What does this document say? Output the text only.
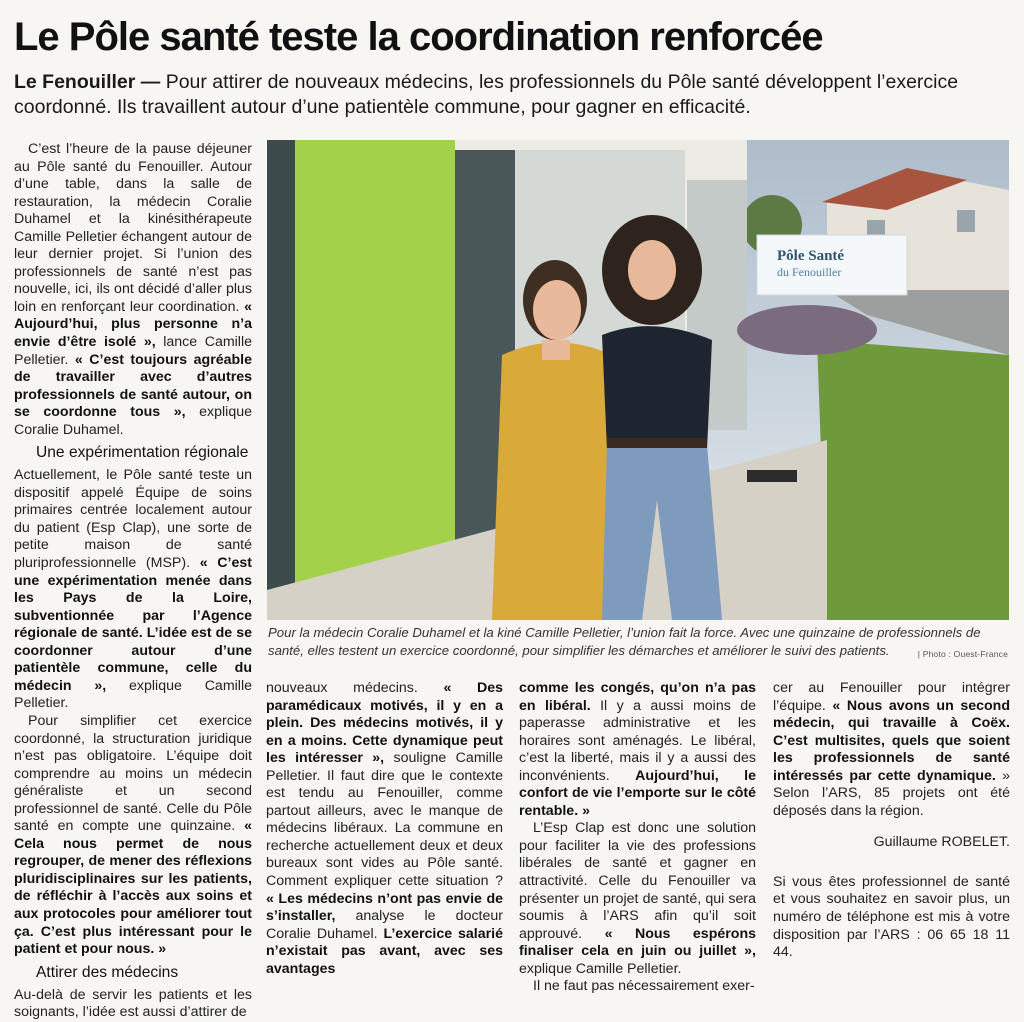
Le Pôle santé teste la coordination renforcée

Le Fenouiller — Pour attirer de nouveaux médecins, les professionnels du Pôle santé développent l’exercice coordonné. Ils travaillent autour d’une patientèle commune, pour gagner en efficacité.

C’est l’heure de la pause déjeuner au Pôle santé du Fenouiller. Autour d’une table, dans la salle de restauration, la médecin Coralie Duhamel et la kinésithérapeute Camille Pelletier échangent autour de leur dernier projet. Si l’union des professionnels de santé n’est pas nouvelle, ici, ils ont décidé d’aller plus loin en renforçant leur coordination. « Aujourd’hui, plus personne n’a envie d’être isolé », lance Camille Pelletier. « C’est toujours agréable de travailler avec d’autres professionnels de santé autour, on se coordonne tous », explique Coralie Duhamel.

Une expérimentation régionale

Actuellement, le Pôle santé teste un dispositif appelé Équipe de soins primaires centrée localement autour du patient (Esp Clap), une sorte de petite maison de santé pluriprofessionnelle (MSP). « C’est une expérimentation menée dans les Pays de la Loire, subventionnée par l’Agence régionale de santé. L’idée est de se coordonner autour d’une patientèle commune, celle du médecin », explique Camille Pelletier.

Pour simplifier cet exercice coordonné, la structuration juridique n’est pas obligatoire. L’équipe doit comprendre au moins un médecin généraliste et un second professionnel de santé. Celle du Pôle santé en compte une quinzaine. « Cela nous permet de nous regrouper, de mener des réflexions pluridisciplinaires sur les patients, de réfléchir à l’accès aux soins et aux protocoles pour améliorer tout ça. C’est plus intéressant pour le patient et pour nous. »

Attirer des médecins

Au-delà de servir les patients et les soignants, l’idée est aussi d’attirer de

Pôle Santé
du Fenouiller

Pour la médecin Coralie Duhamel et la kiné Camille Pelletier, l’union fait la force. Avec une quinzaine de professionnels de santé, elles testent un exercice coordonné, pour simplifier les démarches et améliorer le suivi des patients.	| Photo : Ouest-France

nouveaux médecins. « Des paramédicaux motivés, il y en a plein. Des médecins motivés, il y en a moins. Cette dynamique peut les intéresser », souligne Camille Pelletier. Il faut dire que le contexte est tendu au Fenouiller, comme partout ailleurs, avec le manque de médecins libéraux. La commune en recherche actuellement deux et deux bureaux sont vides au Pôle santé. Comment expliquer cette situation ? « Les médecins n’ont pas envie de s’installer, analyse le docteur Coralie Duhamel. L’exercice salarié n’existait pas avant, avec ses avantages

comme les congés, qu’on n’a pas en libéral. Il y a aussi moins de paperasse administrative et les horaires sont aménagés. Le libéral, c’est la liberté, mais il y a aussi des inconvénients. Aujourd’hui, le confort de vie l’emporte sur le côté rentable. »

L’Esp Clap est donc une solution pour faciliter la vie des professions libérales de santé et gagner en attractivité. Celle du Fenouiller va présenter un projet de santé, qui sera soumis à l’ARS afin qu’il soit approuvé. « Nous espérons finaliser cela en juin ou juillet », explique Camille Pelletier.

Il ne faut pas nécessairement exer-

cer au Fenouiller pour intégrer l’équipe. « Nous avons un second médecin, qui travaille à Coëx. C’est multisites, quels que soient les professionnels de santé intéressés par cette dynamique. » Selon l’ARS, 85 projets ont été déposés dans la région.

Guillaume ROBELET.

Si vous êtes professionnel de santé et vous souhaitez en savoir plus, un numéro de téléphone est mis à votre disposition par l’ARS : 06 65 18 11 44.
